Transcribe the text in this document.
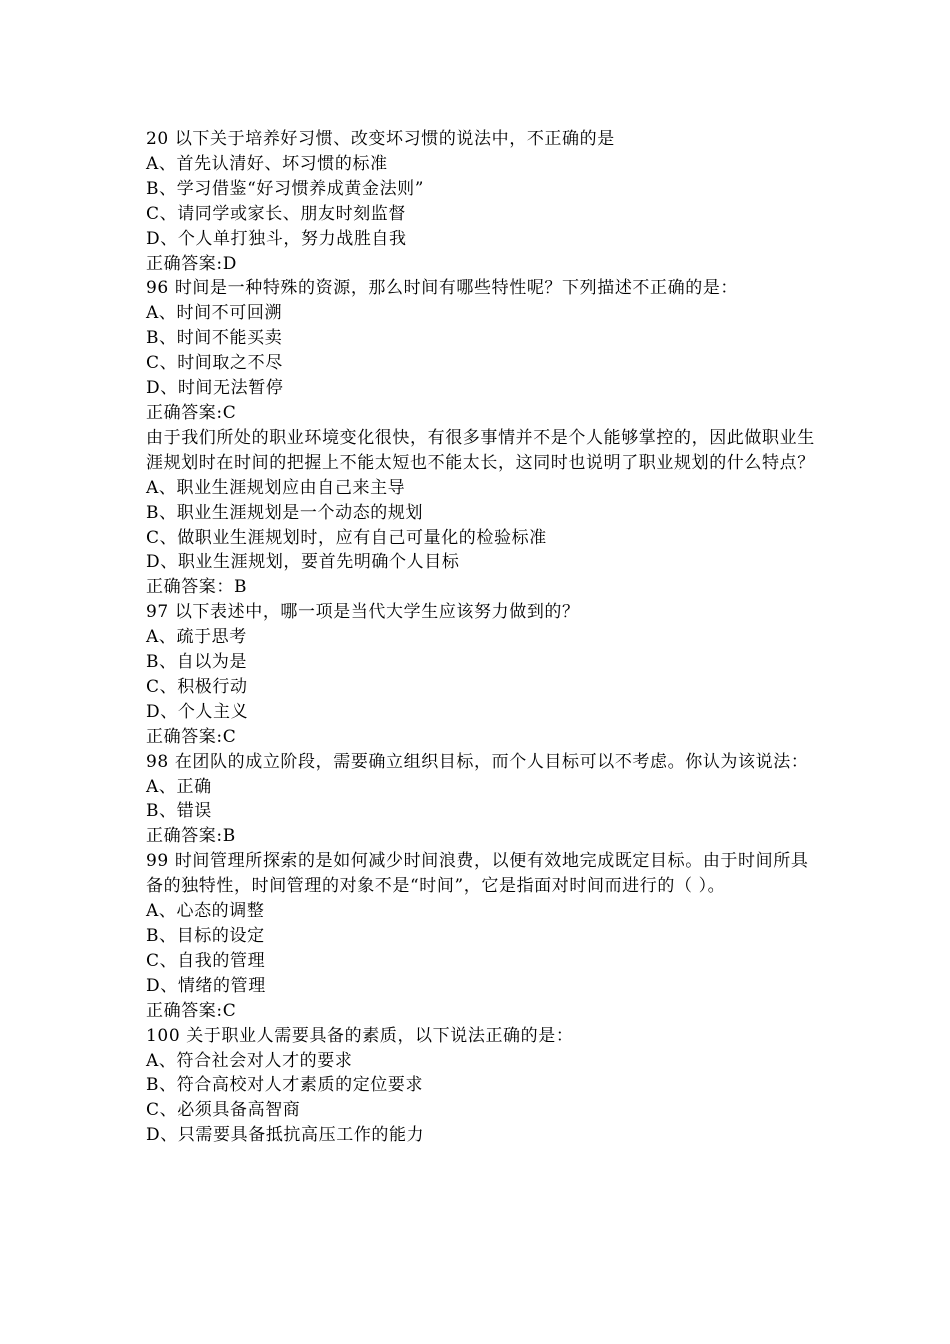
20 以下关于培养好习惯、改变坏习惯的说法中，不正确的是
A、首先认清好、坏习惯的标准
B、学习借鉴“好习惯养成黄金法则”
C、请同学或家长、朋友时刻监督
D、个人单打独斗，努力战胜自我
正确答案:D
96 时间是一种特殊的资源，那么时间有哪些特性呢？下列描述不正确的是：
A、时间不可回溯
B、时间不能买卖
C、时间取之不尽
D、时间无法暂停
正确答案:C
由于我们所处的职业环境变化很快，有很多事情并不是个人能够掌控的，因此做职业生涯规划时在时间的把握上不能太短也不能太长，这同时也说明了职业规划的什么特点？
A、职业生涯规划应由自己来主导
B、职业生涯规划是一个动态的规划
C、做职业生涯规划时，应有自己可量化的检验标准
D、职业生涯规划，要首先明确个人目标
正确答案：B
97 以下表述中，哪一项是当代大学生应该努力做到的？
A、疏于思考
B、自以为是
C、积极行动
D、个人主义
正确答案:C
98 在团队的成立阶段，需要确立组织目标，而个人目标可以不考虑。你认为该说法：
A、正确
B、错误
正确答案:B
99 时间管理所探索的是如何减少时间浪费，以便有效地完成既定目标。由于时间所具备的独特性，时间管理的对象不是“时间”，它是指面对时间而进行的（ ）。
A、心态的调整
B、目标的设定
C、自我的管理
D、情绪的管理
正确答案:C
100 关于职业人需要具备的素质，以下说法正确的是：
A、符合社会对人才的要求
B、符合高校对人才素质的定位要求
C、必须具备高智商
D、只需要具备抵抗高压工作的能力
